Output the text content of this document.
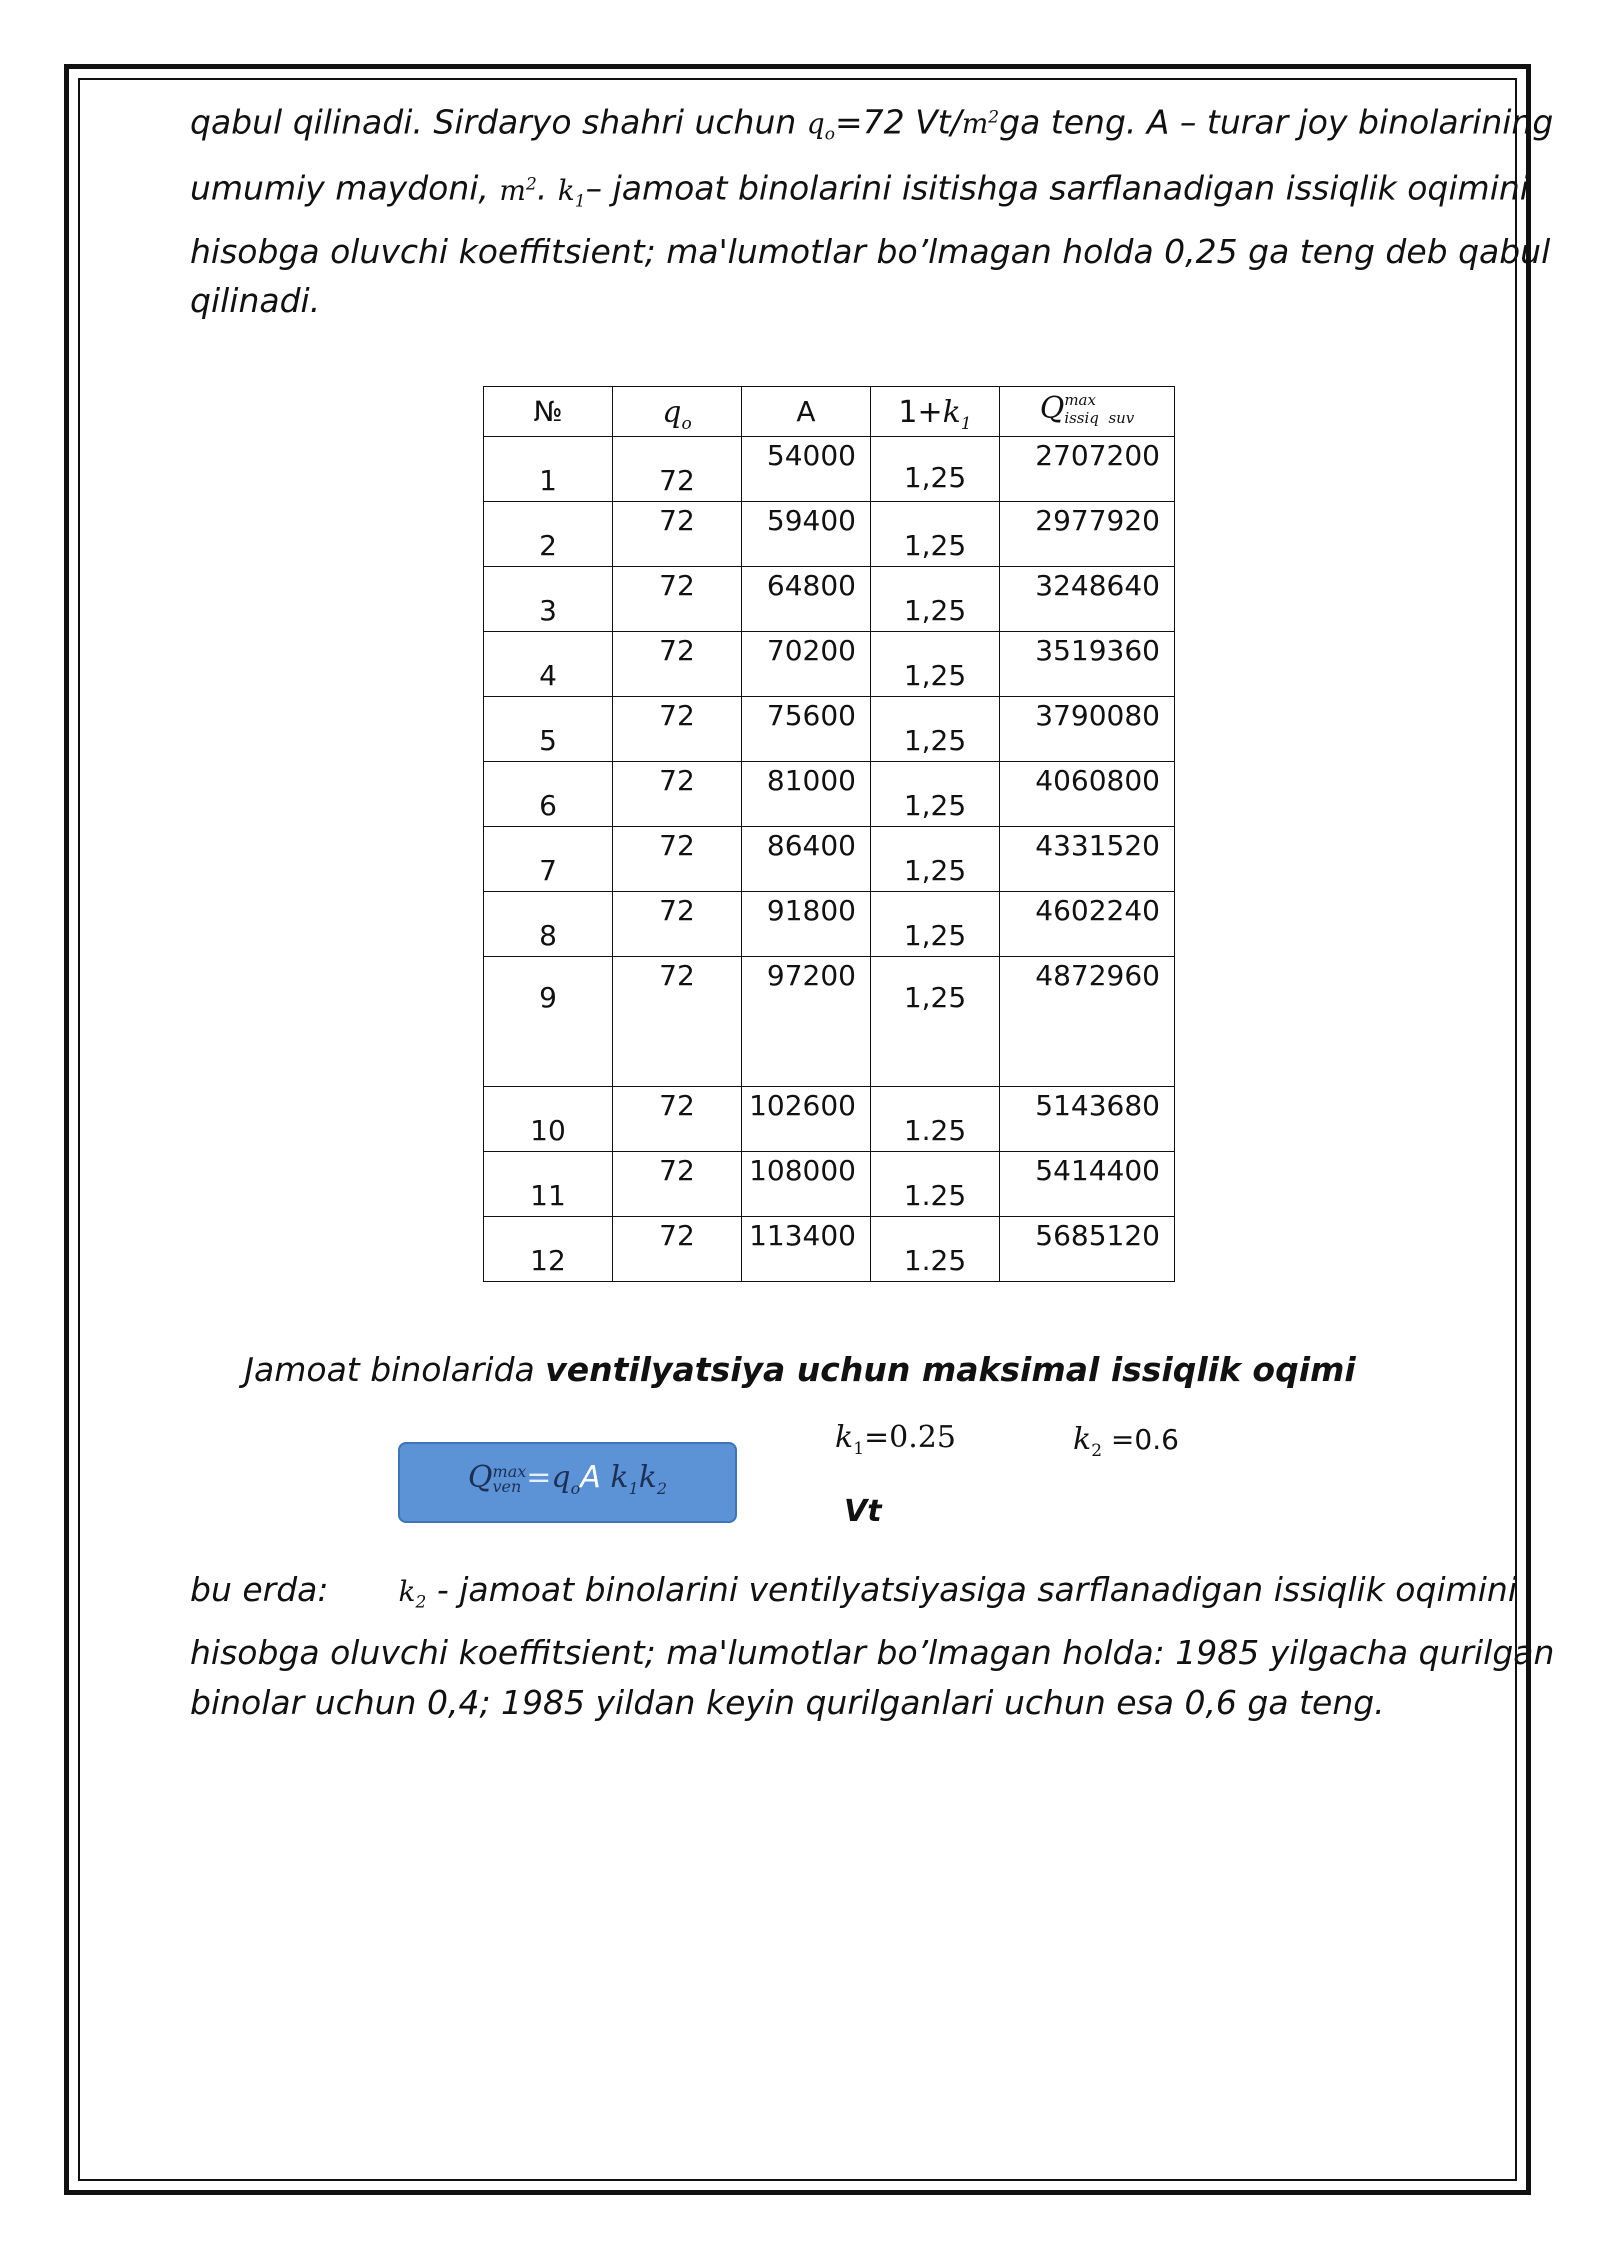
qabul qilinadi. Sirdaryo shahri uchun $q_o=72$ $Vt/m^2ga$ teng. A – turar joy binolarining
umumiy maydoni, $m^2$. $k_1-$ jamoat binolarini isitishga sarflanadigan issiqlik oqimini
hisobga oluvchi koeffitsient; ma'lumotlar bo’lmagan holda 0,25 ga teng deb qabul
qilinadi.
№	$q_o$	A	$1+k_1$	Q max
issiq  suv

1	72	54000	1,25	2707200

2	72	59400	1,25	2977920

3	72	64800	1,25	3248640

4	72	70200	1,25	3519360

5	72	75600	1,25	3790080

6	72	81000	1,25	4060800

7	72	86400	1,25	4331520

8	72	91800	1,25	4602240

9	72	97200	1,25	4872960

10	72	102600	1.25	5143680

11	72	108000	1.25	5414400

12	72	113400	1.25	5685120
Jamoat binolarida ventilyatsiya uchun maksimal issiqlik oqimi
Q max
ven $=q_oA$ $k_1k_2$
$k_1=0.25$	$k_2 =0.6$
Vt
bu erda:	$k_2$ - jamoat binolarini ventilyatsiyasiga sarflanadigan issiqlik oqimini
hisobga oluvchi koeffitsient; ma'lumotlar bo’lmagan holda: 1985 yilgacha qurilgan
binolar uchun 0,4; 1985 yildan keyin qurilganlari uchun esa 0,6 ga teng.
